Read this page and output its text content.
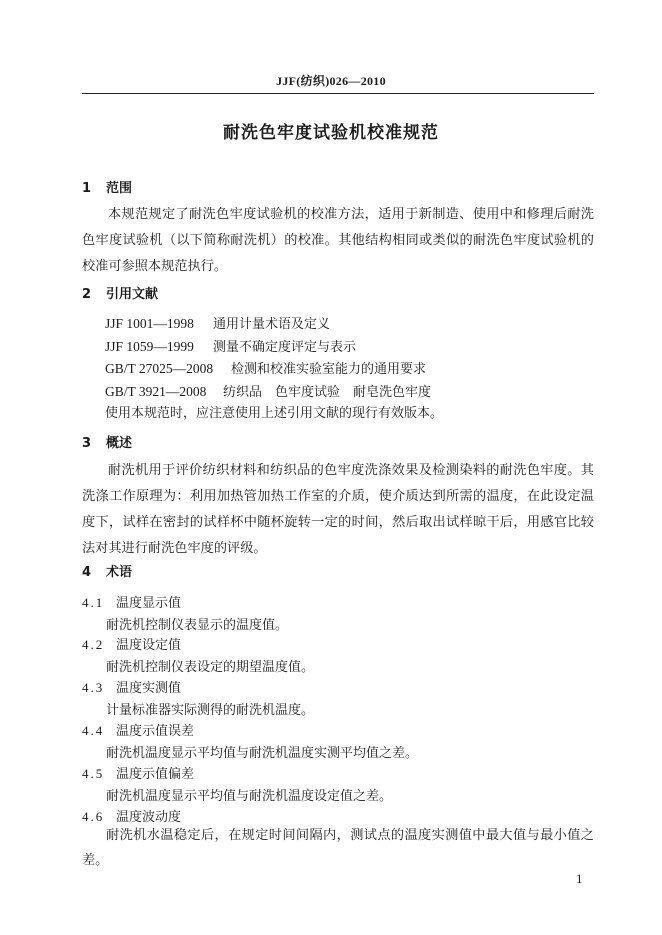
JJF(纺织)026—2010
耐洗色牢度试验机校准规范

1 范围

本规范规定了耐洗色牢度试验机的校准方法，适用于新制造、使用中和修理后耐洗色牢度试验机（以下简称耐洗机）的校准。其他结构相同或类似的耐洗色牢度试验机的校准可参照本规范执行。

2 引用文献

JJF 1001—1998 通用计量术语及定义
JJF 1059—1999 测量不确定度评定与表示
GB/T 27025—2008 检测和校准实验室能力的通用要求
GB/T 3921—2008 纺织品　色牢度试验　耐皂洗色牢度
使用本规范时，应注意使用上述引用文献的现行有效版本。

3 概述

耐洗机用于评价纺织材料和纺织品的色牢度洗涤效果及检测染料的耐洗色牢度。其洗涤工作原理为：利用加热管加热工作室的介质，使介质达到所需的温度，在此设定温度下，试样在密封的试样杯中随杯旋转一定的时间，然后取出试样晾干后，用感官比较法对其进行耐洗色牢度的评级。

4 术语

4.1 温度显示值

耐洗机控制仪表显示的温度值。

4.2 温度设定值

耐洗机控制仪表设定的期望温度值。

4.3 温度实测值

计量标准器实际测得的耐洗机温度。

4.4 温度示值误差

耐洗机温度显示平均值与耐洗机温度实测平均值之差。

4.5 温度示值偏差

耐洗机温度显示平均值与耐洗机温度设定值之差。

4.6 温度波动度

耐洗机水温稳定后，在规定时间间隔内，测试点的温度实测值中最大值与最小值之差。

1
